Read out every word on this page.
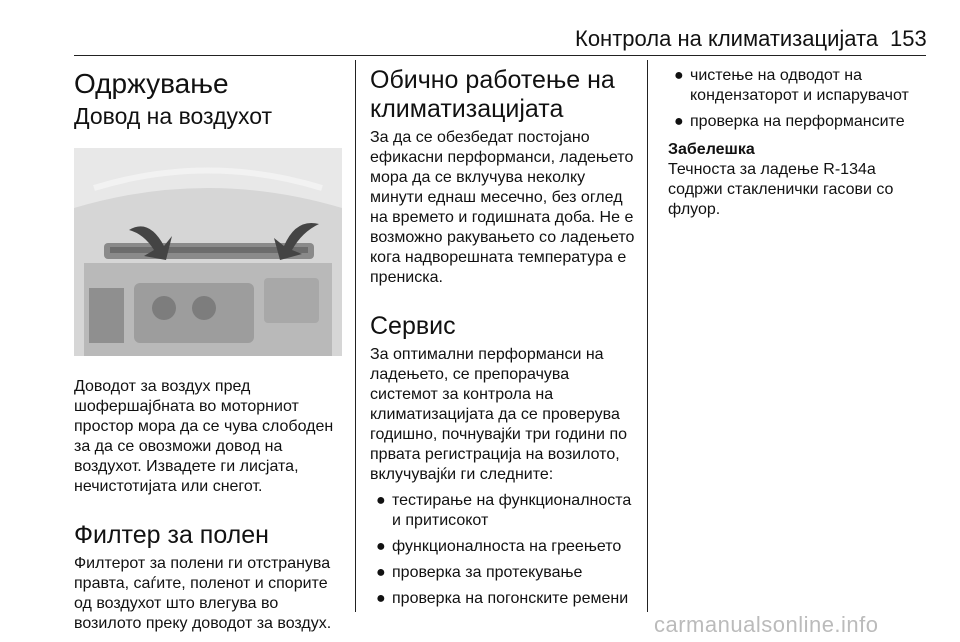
Контрола на климатизацијата 153
Одржување
Довод на воздухот

Доводот за воздух пред шофершајбната во моторниот простор мора да се чува слободен за да се овозможи довод на воздухот. Извадете ги лисјата, нечистотијата или снегот.

Филтер за полен

Филтерот за полени ги отстранува правта, саѓите, поленот и спорите од воздухот што влегува во возилото преку доводот за воздух.

Обично работење на климатизацијата

За да се обезбедат постојано ефикасни перформанси, ладењето мора да се вклучува неколку минути еднаш месечно, без оглед на времето и годишната доба. Не е возможно ракувањето со ладењето кога надворешната температура е прениска.

Сервис

За оптимални перформанси на ладењето, се препорачува системот за контрола на климатизацијата да се проверува годишно, почнувајќи три години по првата регистрација на возилото, вклучувајќи ги следните:

● тестирање на функционалноста и притисокот
● функционалноста на греењето
● проверка за протекување
● проверка на погонските ремени
● чистење на одводот на кондензаторот и испарувачот
● проверка на перформансите
Забелешка

Течноста за ладење R-134a содржи стакленички гасови со флуор.

carmanualsonline.info
